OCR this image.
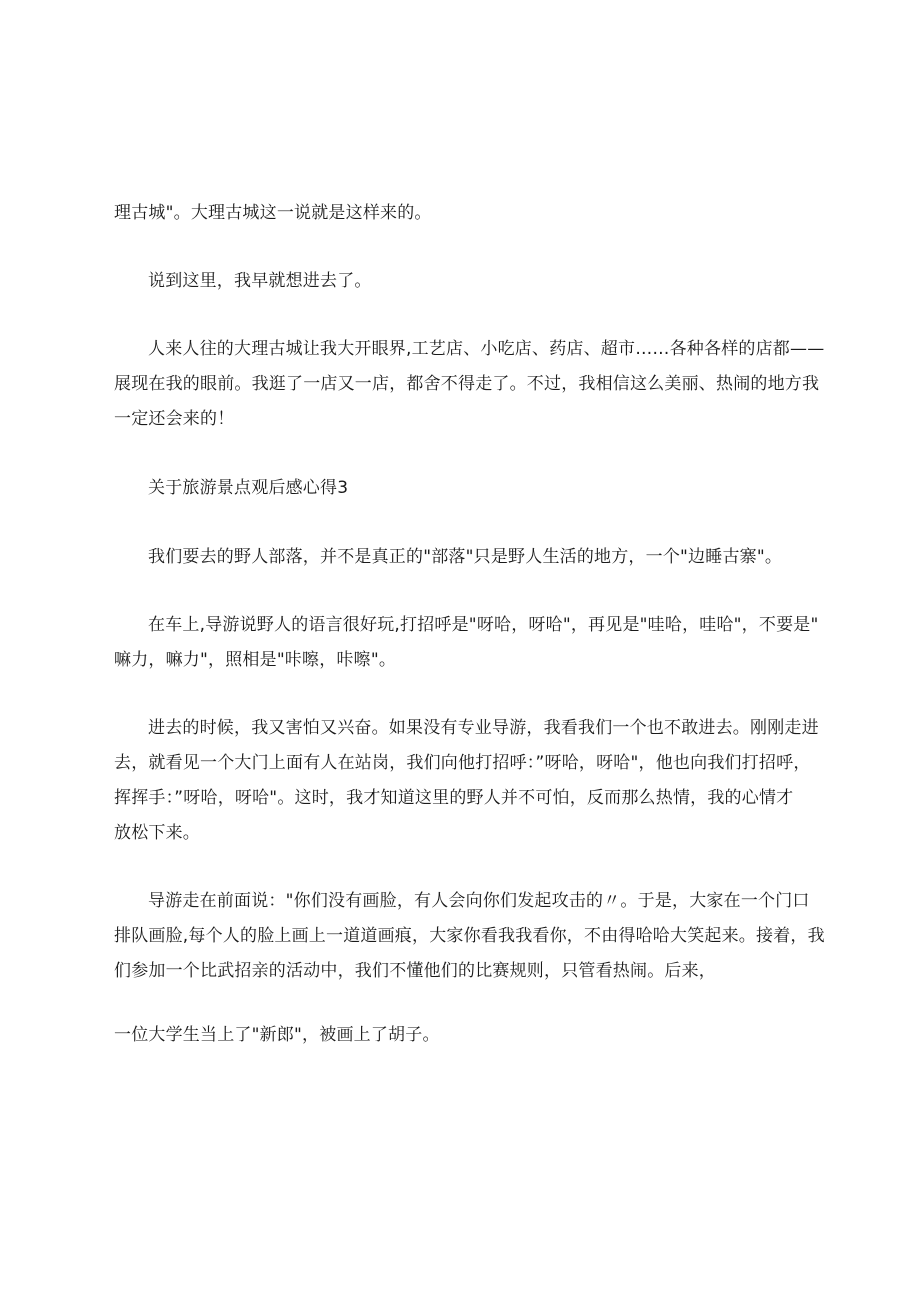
理古城"。大理古城这一说就是这样来的。
说到这里，我早就想进去了。
人来人往的大理古城让我大开眼界,工艺店、小吃店、药店、超市……各种各样的店都——
展现在我的眼前。我逛了一店又一店，都舍不得走了。不过，我相信这么美丽、热闹的地方我
一定还会来的！
关于旅游景点观后感心得3
我们要去的野人部落，并不是真正的"部落"只是野人生活的地方，一个"边睡古寨"。
在车上,导游说野人的语言很好玩,打招呼是"呀哈，呀哈"，再见是"哇哈，哇哈"，不要是"
嘛力，嘛力"，照相是"咔嚓，咔嚓"。
进去的时候，我又害怕又兴奋。如果没有专业导游，我看我们一个也不敢进去。刚刚走进
去，就看见一个大门上面有人在站岗，我们向他打招呼：”呀哈，呀哈"，他也向我们打招呼，
挥挥手：”呀哈，呀哈"。这时，我才知道这里的野人并不可怕，反而那么热情，我的心情才
放松下来。
导游走在前面说："你们没有画脸，有人会向你们发起攻击的〃。于是，大家在一个门口
排队画脸,每个人的脸上画上一道道画痕，大家你看我我看你，不由得哈哈大笑起来。接着，我
们参加一个比武招亲的活动中，我们不懂他们的比赛规则，只管看热闹。后来，
一位大学生当上了"新郎"，被画上了胡子。
